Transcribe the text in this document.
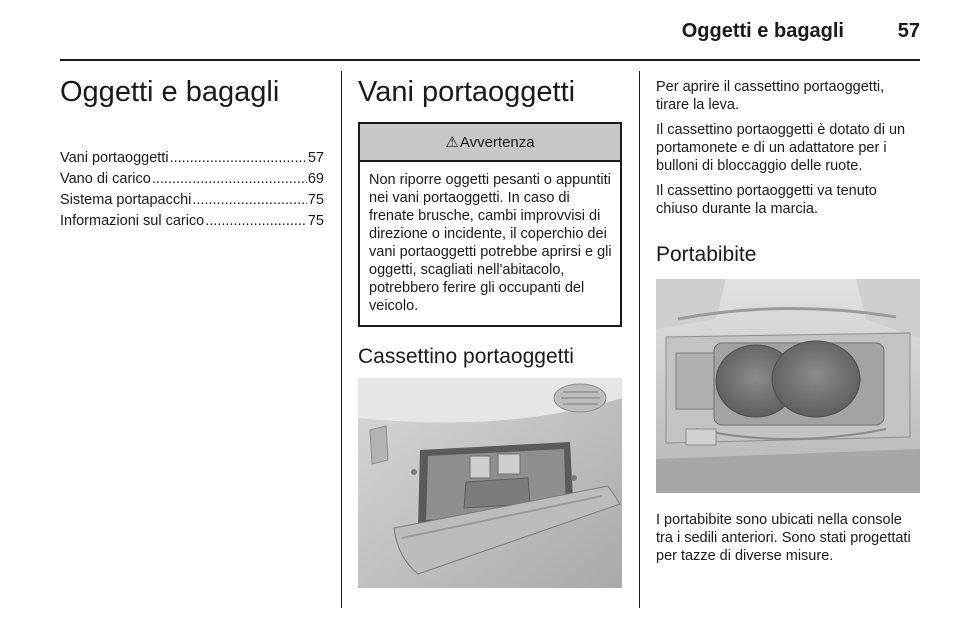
Oggetti e bagagli	57
Oggetti e bagagli
Vani portaoggetti .....	57
Vano di carico .....	69
Sistema portapacchi .....	75
Informazioni sul carico .....	75
Vani portaoggetti
⚠ Avvertenza
Non riporre oggetti pesanti o appuntiti nei vani portaoggetti. In caso di frenate brusche, cambi improvvisi di direzione o incidente, il coperchio dei vani portaoggetti potrebbe aprirsi e gli oggetti, scagliati nell'abitacolo, potrebbero ferire gli occupanti del veicolo.
Cassettino portaoggetti

Per aprire il cassettino portaoggetti, tirare la leva.

Il cassettino portaoggetti è dotato di un portamonete e di un adattatore per i bulloni di bloccaggio delle ruote.

Il cassettino portaoggetti va tenuto chiuso durante la marcia.

Portabibite

I portabibite sono ubicati nella console tra i sedili anteriori. Sono stati progettati per tazze di diverse misure.
